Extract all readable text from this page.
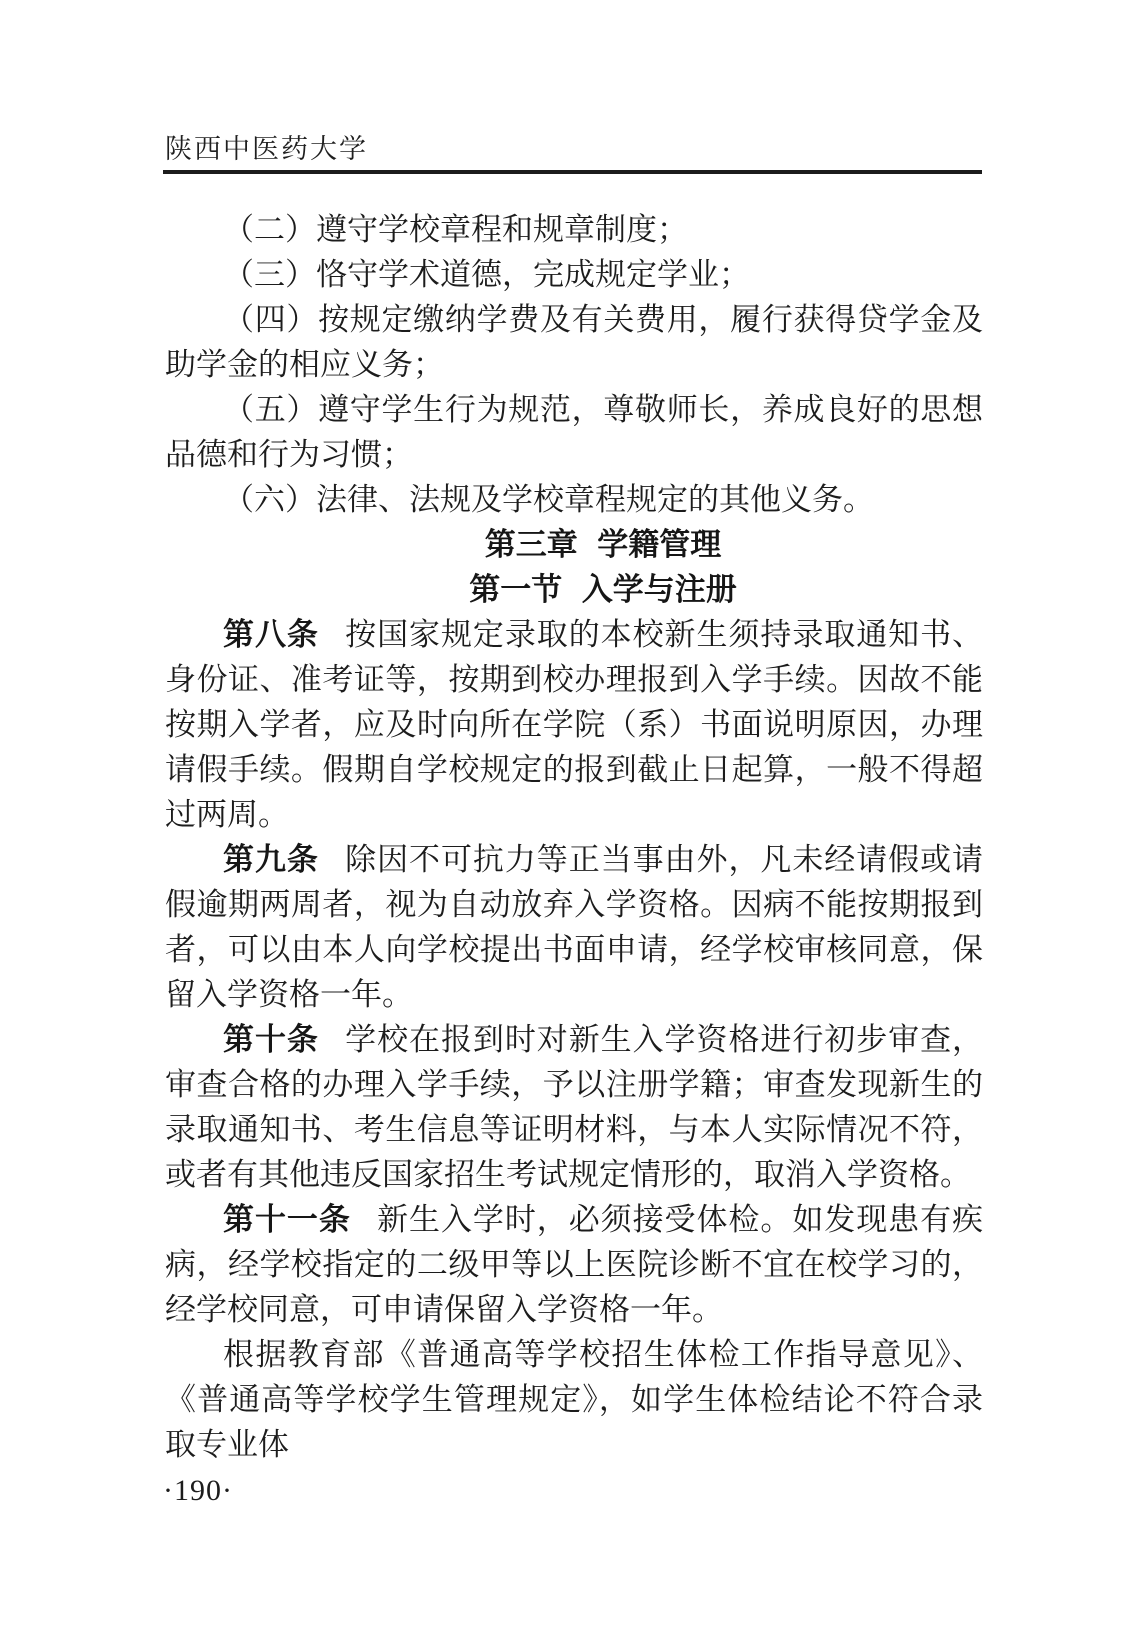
陕西中医药大学

（二）遵守学校章程和规章制度；

（三）恪守学术道德，完成规定学业；

（四）按规定缴纳学费及有关费用，履行获得贷学金及助学金的相应义务；

（五）遵守学生行为规范，尊敬师长，养成良好的思想品德和行为习惯；

（六）法律、法规及学校章程规定的其他义务。

第三章 学籍管理

第一节 入学与注册

第八条 按国家规定录取的本校新生须持录取通知书、身份证、准考证等，按期到校办理报到入学手续。因故不能按期入学者，应及时向所在学院（系）书面说明原因，办理请假手续。假期自学校规定的报到截止日起算，一般不得超过两周。

第九条 除因不可抗力等正当事由外，凡未经请假或请假逾期两周者，视为自动放弃入学资格。因病不能按期报到者，可以由本人向学校提出书面申请，经学校审核同意，保留入学资格一年。

第十条 学校在报到时对新生入学资格进行初步审查，审查合格的办理入学手续，予以注册学籍；审查发现新生的录取通知书、考生信息等证明材料，与本人实际情况不符，或者有其他违反国家招生考试规定情形的，取消入学资格。

第十一条 新生入学时，必须接受体检。如发现患有疾病，经学校指定的二级甲等以上医院诊断不宜在校学习的，经学校同意，可申请保留入学资格一年。

根据教育部《普通高等学校招生体检工作指导意见》、《普通高等学校学生管理规定》，如学生体检结论不符合录取专业体

·190·
